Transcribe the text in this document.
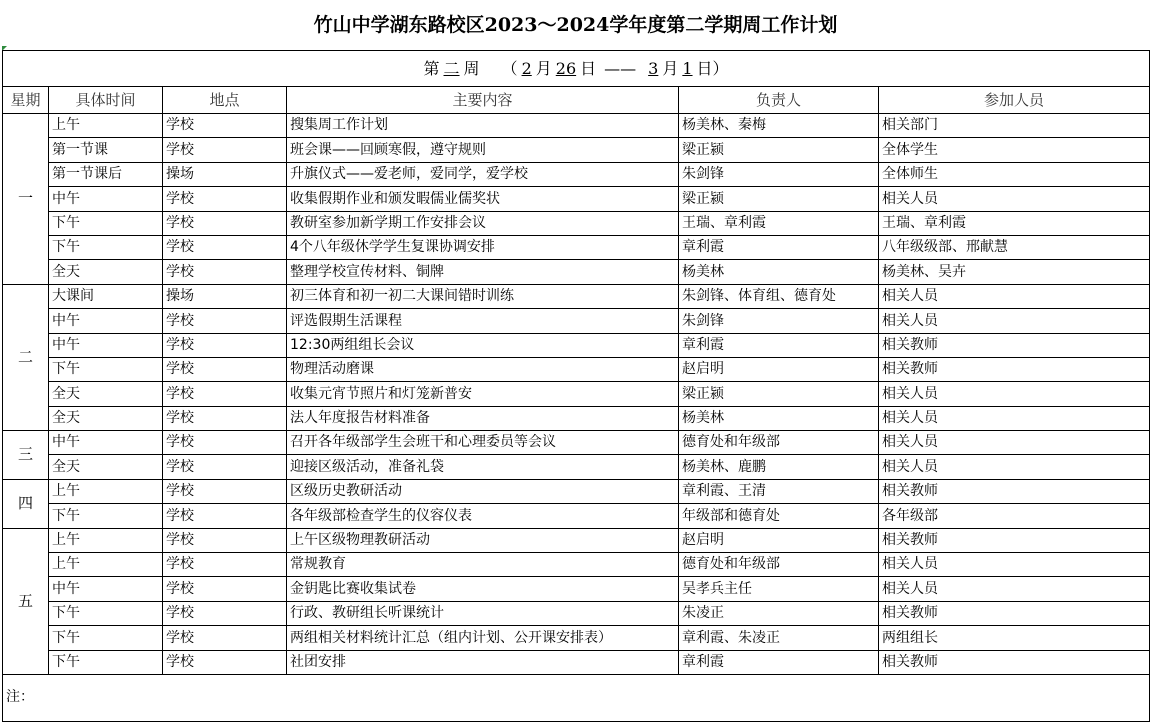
竹山中学湖东路校区2023～2024学年度第二学期周工作计划
第 二 周 （ 2 月 26 日 —— 3 月 1 日）					
星期	具体时间	地点	主要内容	负责人	参加人员
一	上午	学校	搜集周工作计划	杨美林、秦梅	相关部门
	第一节课	学校	班会课——回顾寒假，遵守规则	梁正颍	全体学生
	第一节课后	操场	升旗仪式——爱老师，爱同学，爱学校	朱剑锋	全体师生
	中午	学校	收集假期作业和颁发暇儒业儒奖状	梁正颍	相关人员
	下午	学校	教研室参加新学期工作安排会议	王瑞、章利霞	王瑞、章利霞
	下午	学校	4个八年级休学学生复课协调安排	章利霞	八年级级部、邢献慧
	全天	学校	整理学校宣传材料、铜牌	杨美林	杨美林、吴卉
二	大课间	操场	初三体育和初一初二大课间错时训练	朱剑锋、体育组、德育处	相关人员
	中午	学校	评选假期生活课程	朱剑锋	相关人员
	中午	学校	12:30两组组长会议	章利霞	相关教师
	下午	学校	物理活动磨课	赵启明	相关教师
	全天	学校	收集元宵节照片和灯笼新普安	梁正颍	相关人员
	全天	学校	法人年度报告材料准备	杨美林	相关人员
三	中午	学校	召开各年级部学生会班干和心理委员等会议	德育处和年级部	相关人员
	全天	学校	迎接区级活动，准备礼袋	杨美林、鹿鹏	相关人员
四	上午	学校	区级历史教研活动	章利霞、王清	相关教师
	下午	学校	各年级部检查学生的仪容仪表	年级部和德育处	各年级部
五	上午	学校	上午区级物理教研活动	赵启明	相关教师
	上午	学校	常规教育	德育处和年级部	相关人员
	中午	学校	金钥匙比赛收集试卷	吴孝兵主任	相关人员
	下午	学校	行政、教研组长听课统计	朱凌正	相关教师
	下午	学校	两组相关材料统计汇总（组内计划、公开课安排表）	章利霞、朱凌正	两组组长
	下午	学校	社团安排	章利霞	相关教师
注：					
